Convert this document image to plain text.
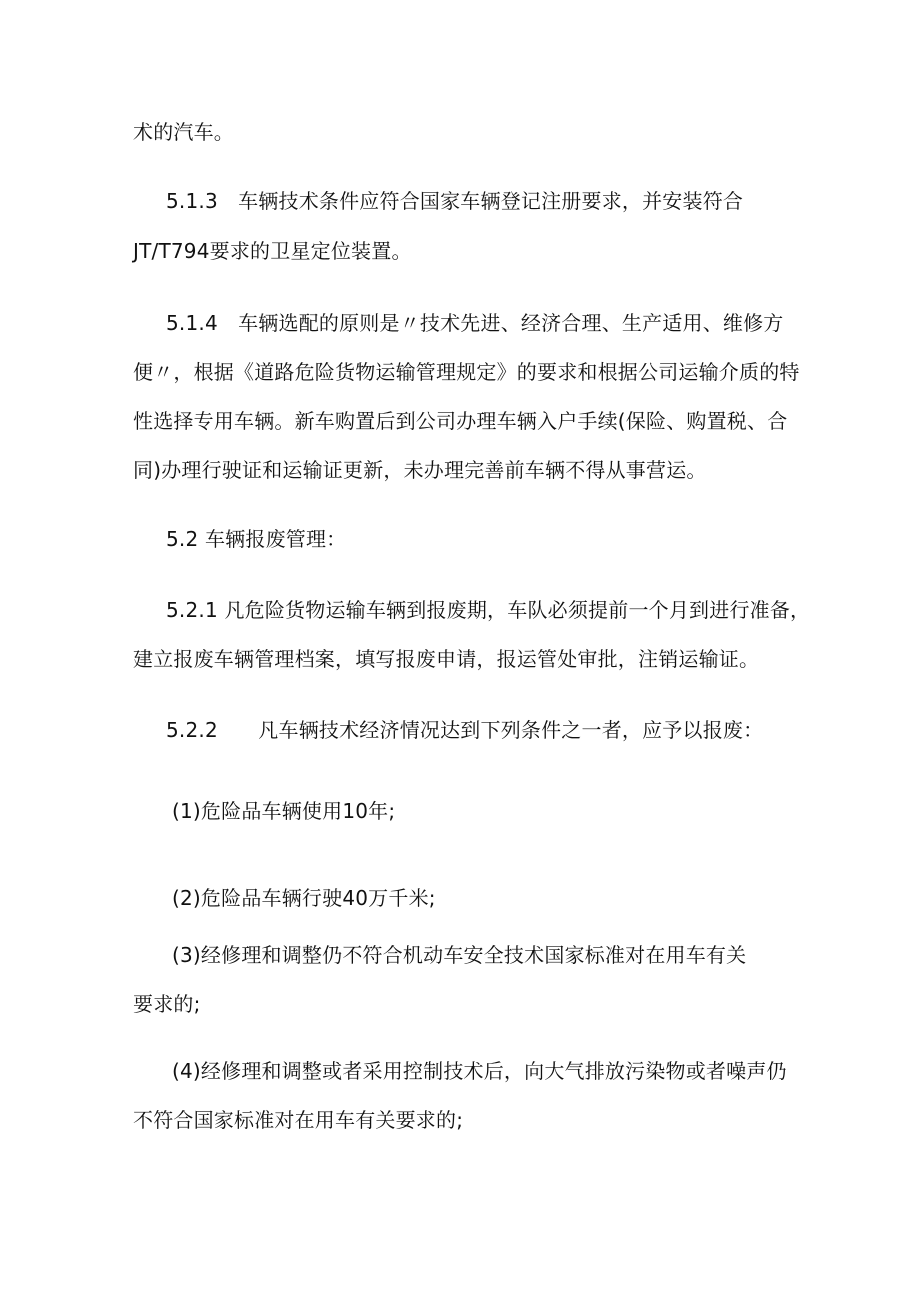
术的汽车。
5.1.3　车辆技术条件应符合国家车辆登记注册要求，并安装符合
JT/T794要求的卫星定位装置。
5.1.4　车辆选配的原则是〃技术先进、经济合理、生产适用、维修方
便〃，根据《道路危险货物运输管理规定》的要求和根据公司运输介质的特
性选择专用车辆。新车购置后到公司办理车辆入户手续(保险、购置税、合
同)办理行驶证和运输证更新，未办理完善前车辆不得从事营运。
5.2 车辆报废管理：
5.2.1 凡危险货物运输车辆到报废期，车队必须提前一个月到进行准备，
建立报废车辆管理档案，填写报废申请，报运管处审批，注销运输证。
5.2.2　　凡车辆技术经济情况达到下列条件之一者，应予以报废：
(1)危险品车辆使用10年;
(2)危险品车辆行驶40万千米;
(3)经修理和调整仍不符合机动车安全技术国家标准对在用车有关
要求的;
(4)经修理和调整或者采用控制技术后，向大气排放污染物或者噪声仍
不符合国家标准对在用车有关要求的;
